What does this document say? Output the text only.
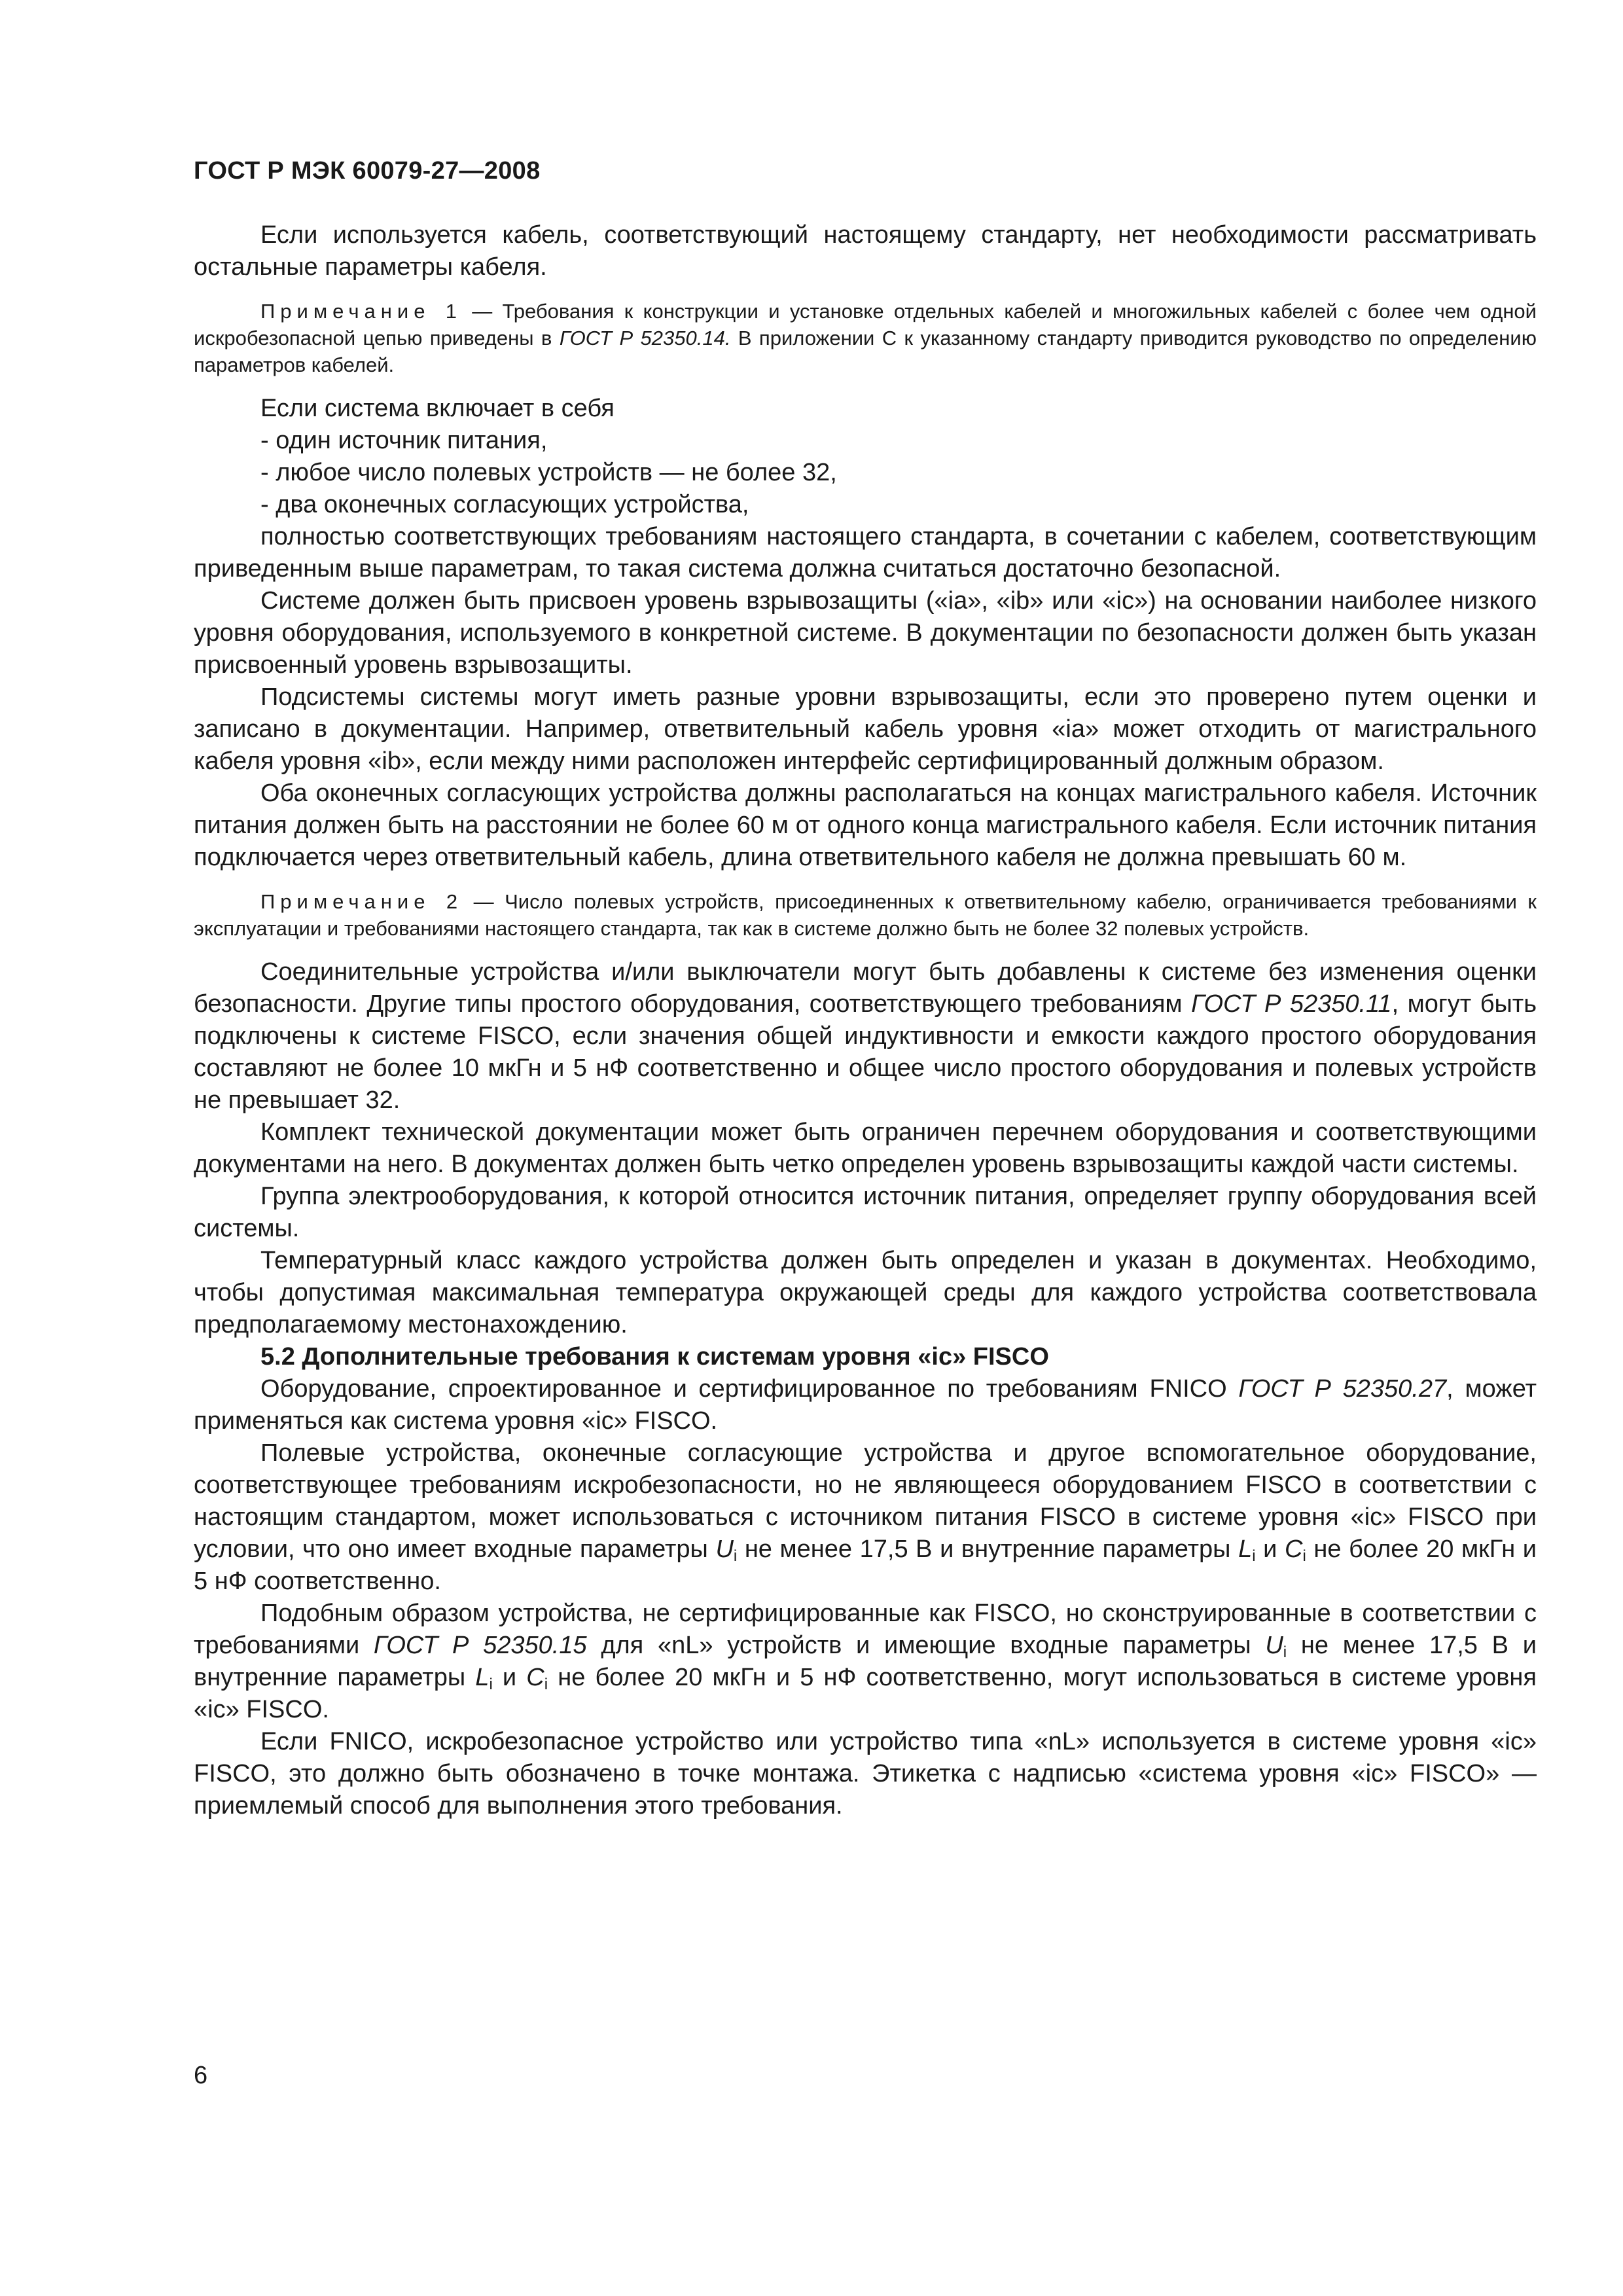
ГОСТ Р МЭК 60079-27—2008

Если используется кабель, соответствующий настоящему стандарту, нет необходимости рассматривать остальные параметры кабеля.

Примечание 1 — Требования к конструкции и установке отдельных кабелей и многожильных кабелей с более чем одной искробезопасной цепью приведены в ГОСТ Р 52350.14. В приложении С к указанному стандарту приводится руководство по определению параметров кабелей.

Если система включает в себя

- один источник питания,

- любое число полевых устройств — не более 32,

- два оконечных согласующих устройства,

полностью соответствующих требованиям настоящего стандарта, в сочетании с кабелем, соответствующим приведенным выше параметрам, то такая система должна считаться достаточно безопасной.

Системе должен быть присвоен уровень взрывозащиты («ia», «ib» или «ic») на основании наиболее низкого уровня оборудования, используемого в конкретной системе. В документации по безопасности должен быть указан присвоенный уровень взрывозащиты.

Подсистемы системы могут иметь разные уровни взрывозащиты, если это проверено путем оценки и записано в документации. Например, ответвительный кабель уровня «ia» может отходить от магистрального кабеля уровня «ib», если между ними расположен интерфейс сертифицированный должным образом.

Оба оконечных согласующих устройства должны располагаться на концах магистрального кабеля. Источник питания должен быть на расстоянии не более 60 м от одного конца магистрального кабеля. Если источник питания подключается через ответвительный кабель, длина ответвительного кабеля не должна превышать 60 м.

Примечание 2 — Число полевых устройств, присоединенных к ответвительному кабелю, ограничивается требованиями к эксплуатации и требованиями настоящего стандарта, так как в системе должно быть не более 32 полевых устройств.

Соединительные устройства и/или выключатели могут быть добавлены к системе без изменения оценки безопасности. Другие типы простого оборудования, соответствующего требованиям ГОСТ Р 52350.11, могут быть подключены к системе FISCO, если значения общей индуктивности и емкости каждого простого оборудования составляют не более 10 мкГн и 5 нФ соответственно и общее число простого оборудования и полевых устройств не превышает 32.

Комплект технической документации может быть ограничен перечнем оборудования и соответствующими документами на него. В документах должен быть четко определен уровень взрывозащиты каждой части системы.

Группа электрооборудования, к которой относится источник питания, определяет группу оборудования всей системы.

Температурный класс каждого устройства должен быть определен и указан в документах. Необходимо, чтобы допустимая максимальная температура окружающей среды для каждого устройства соответствовала предполагаемому местонахождению.

5.2 Дополнительные требования к системам уровня «ic» FISCO

Оборудование, спроектированное и сертифицированное по требованиям FNICO ГОСТ Р 52350.27, может применяться как система уровня «ic» FISCO.

Полевые устройства, оконечные согласующие устройства и другое вспомогательное оборудование, соответствующее требованиям искробезопасности, но не являющееся оборудованием FISCO в соответствии с настоящим стандартом, может использоваться с источником питания FISCO в системе уровня «ic» FISCO при условии, что оно имеет входные параметры $U_i$ не менее 17,5 В и внутренние параметры $L_i$ и $C_i$ не более 20 мкГн и 5 нФ соответственно.

Подобным образом устройства, не сертифицированные как FISCO, но сконструированные в соответствии с требованиями ГОСТ Р 52350.15 для «nL» устройств и имеющие входные параметры $U_i$ не менее 17,5 В и внутренние параметры $L_i$ и $C_i$ не более 20 мкГн и 5 нФ соответственно, могут использоваться в системе уровня «ic» FISCO.

Если FNICO, искробезопасное устройство или устройство типа «nL» используется в системе уровня «ic» FISCO, это должно быть обозначено в точке монтажа. Этикетка с надписью «система уровня «ic» FISCO» — приемлемый способ для выполнения этого требования.

6
